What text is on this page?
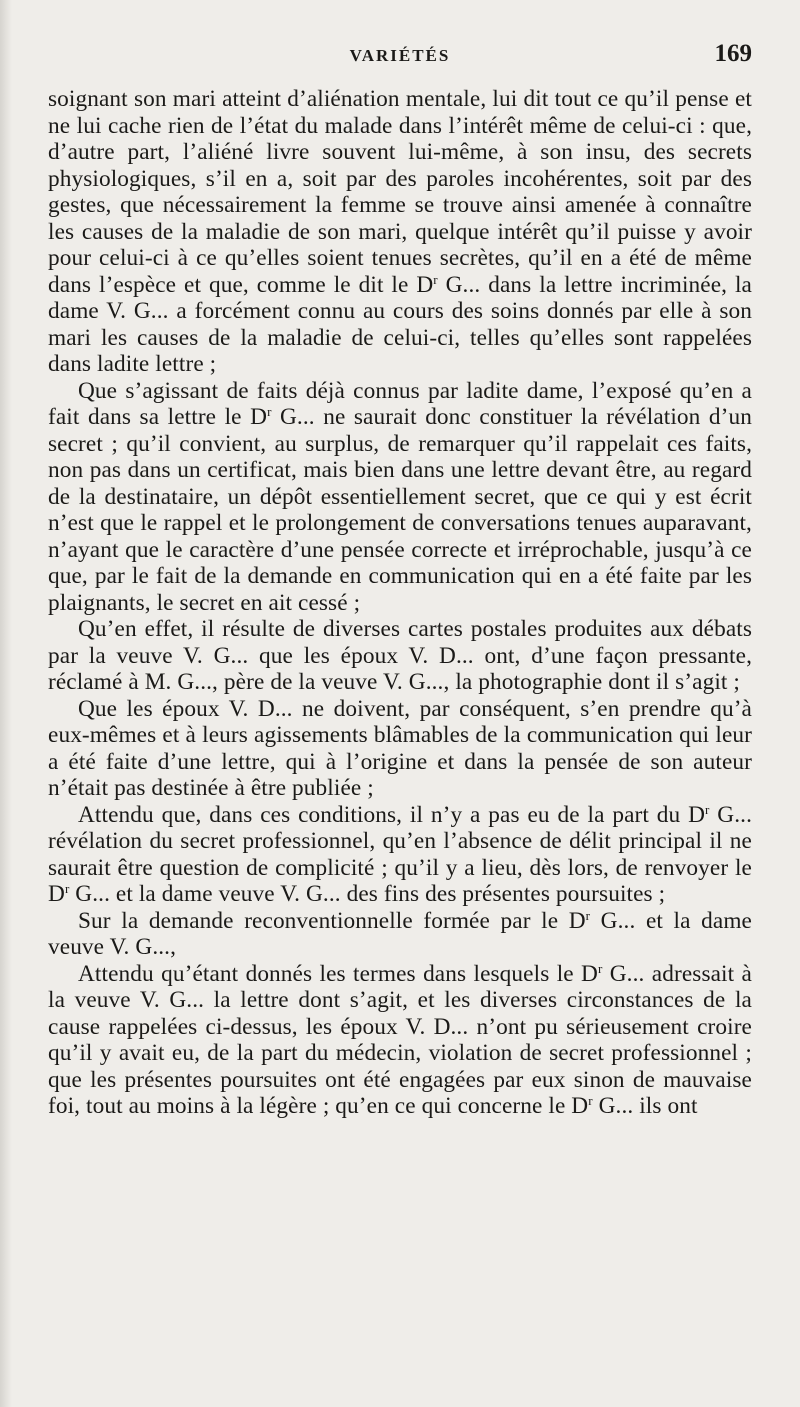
VARIÉTÉS	169

soignant son mari atteint d’aliénation mentale, lui dit tout ce qu’il pense et ne lui cache rien de l’état du malade dans l’intérêt même de celui-ci : que, d’autre part, l’aliéné livre souvent lui-même, à son insu, des secrets physiologiques, s’il en a, soit par des paroles incohérentes, soit par des gestes, que nécessairement la femme se trouve ainsi amenée à connaître les causes de la maladie de son mari, quelque intérêt qu’il puisse y avoir pour celui-ci à ce qu’elles soient tenues secrètes, qu’il en a été de même dans l’espèce et que, comme le dit le $D^r$ G... dans la lettre incriminée, la dame V. G... a forcément connu au cours des soins donnés par elle à son mari les causes de la maladie de celui-ci, telles qu’elles sont rappelées dans ladite lettre ;

Que s’agissant de faits déjà connus par ladite dame, l’exposé qu’en a fait dans sa lettre le $D^r$ G... ne saurait donc constituer la révélation d’un secret ; qu’il convient, au surplus, de remarquer qu’il rappelait ces faits, non pas dans un certificat, mais bien dans une lettre devant être, au regard de la destinataire, un dépôt essentiellement secret, que ce qui y est écrit n’est que le rappel et le prolongement de conversations tenues auparavant, n’ayant que le caractère d’une pensée correcte et irréprochable, jusqu’à ce que, par le fait de la demande en communication qui en a été faite par les plaignants, le secret en ait cessé ;

Qu’en effet, il résulte de diverses cartes postales produites aux débats par la veuve V. G... que les époux V. D... ont, d’une façon pressante, réclamé à M. G..., père de la veuve V. G..., la photographie dont il s’agit ;

Que les époux V. D... ne doivent, par conséquent, s’en prendre qu’à eux-mêmes et à leurs agissements blâmables de la communication qui leur a été faite d’une lettre, qui à l’origine et dans la pensée de son auteur n’était pas destinée à être publiée ;

Attendu que, dans ces conditions, il n’y a pas eu de la part du $D^r$ G... révélation du secret professionnel, qu’en l’absence de délit principal il ne saurait être question de complicité ; qu’il y a lieu, dès lors, de renvoyer le $D^r$ G... et la dame veuve V. G... des fins des présentes poursuites ;

Sur la demande reconventionnelle formée par le $D^r$ G... et la dame veuve V. G...,

Attendu qu’étant donnés les termes dans lesquels le $D^r$ G... adressait à la veuve V. G... la lettre dont s’agit, et les diverses circonstances de la cause rappelées ci-dessus, les époux V. D... n’ont pu sérieusement croire qu’il y avait eu, de la part du médecin, violation de secret professionnel ; que les présentes poursuites ont été engagées par eux sinon de mauvaise foi, tout au moins à la légère ; qu’en ce qui concerne le $D^r$ G... ils ont
